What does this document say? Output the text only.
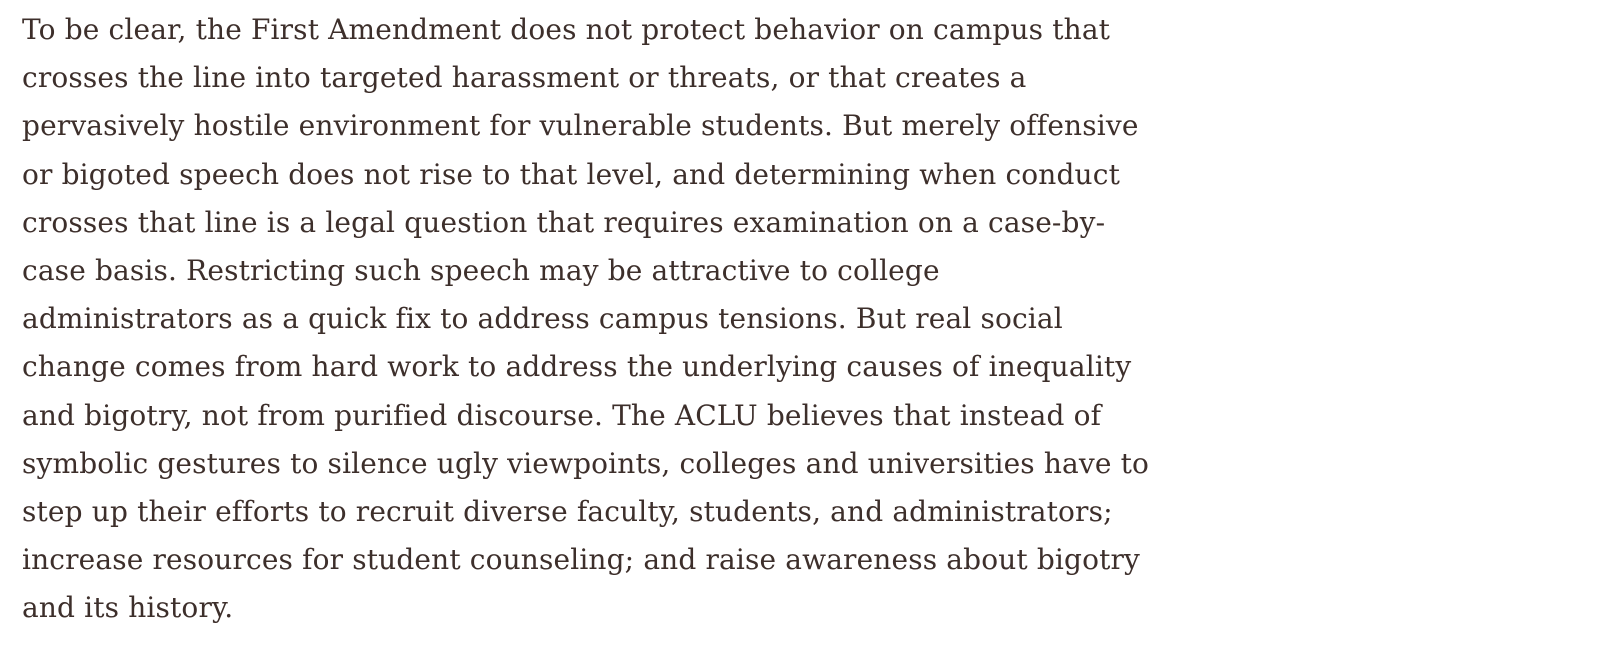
To be clear, the First Amendment does not protect behavior on campus that
crosses the line into targeted harassment or threats, or that creates a
pervasively hostile environment for vulnerable students. But merely offensive
or bigoted speech does not rise to that level, and determining when conduct
crosses that line is a legal question that requires examination on a case-by-
case basis. Restricting such speech may be attractive to college
administrators as a quick fix to address campus tensions. But real social
change comes from hard work to address the underlying causes of inequality
and bigotry, not from purified discourse. The ACLU believes that instead of
symbolic gestures to silence ugly viewpoints, colleges and universities have to
step up their efforts to recruit diverse faculty, students, and administrators;
increase resources for student counseling; and raise awareness about bigotry
and its history.
